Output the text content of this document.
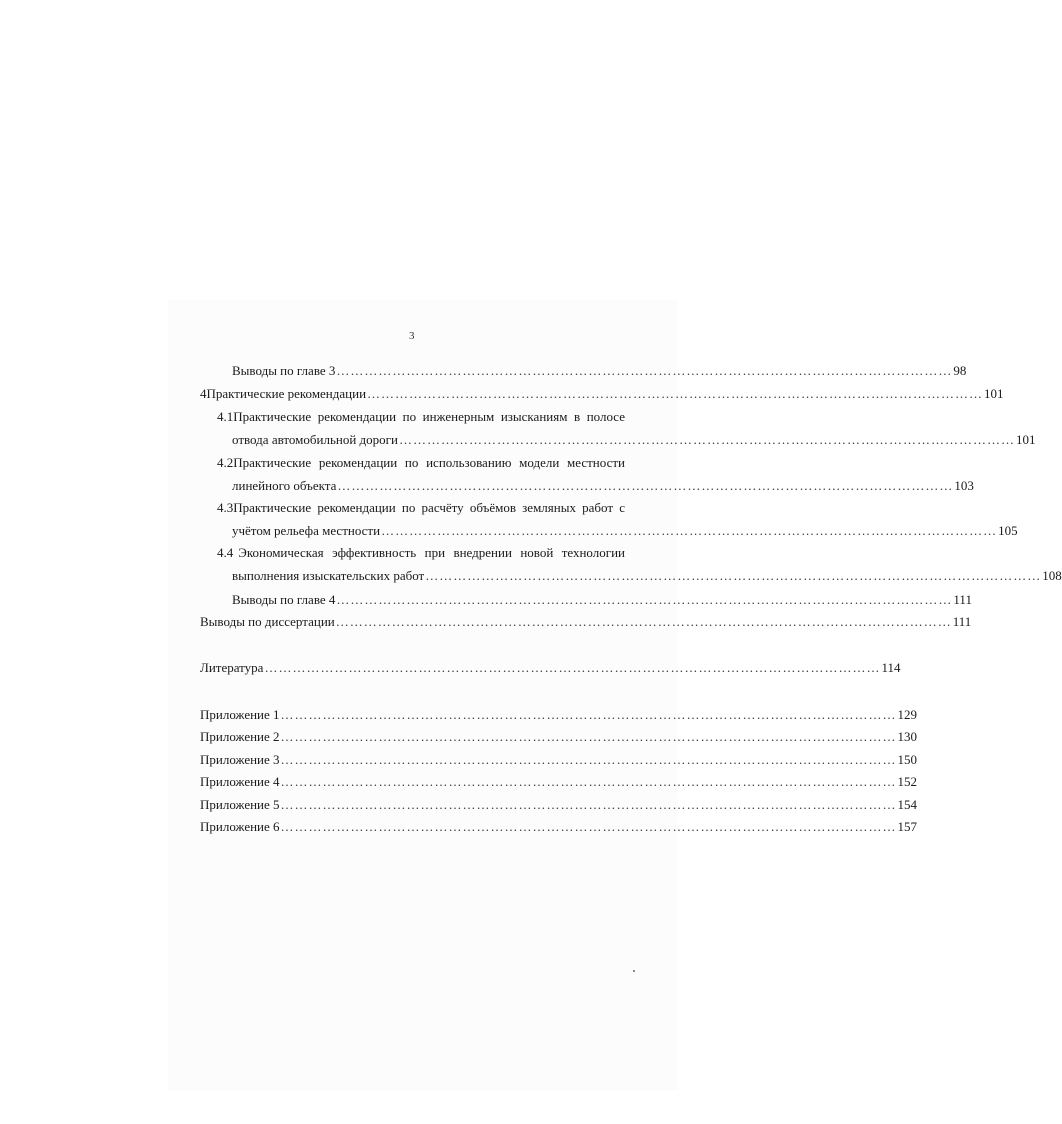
3
Выводы по главе 3 …………………………………………………………………………………………………………………… 98
4 Практические рекомендации …………………………………………………………………………………………………………………… 101
4.1 Практические рекомендации по инженерным изысканиям в полосе
отвода автомобильной дороги …………………………………………………………………………………………………………………… 101
4.2 Практические рекомендации по использованию модели местности
линейного объекта …………………………………………………………………………………………………………………… 103
4.3 Практические рекомендации по расчёту объёмов земляных работ с
учётом рельефа местности …………………………………………………………………………………………………………………… 105
4.4 Экономическая эффективность при внедрении новой технологии
выполнения изыскательских работ …………………………………………………………………………………………………………………… 108
Выводы по главе 4 …………………………………………………………………………………………………………………… 111
Выводы по диссертации …………………………………………………………………………………………………………………… 111
Литература …………………………………………………………………………………………………………………… 114
Приложение 1 …………………………………………………………………………………………………………………… 129
Приложение 2 …………………………………………………………………………………………………………………… 130
Приложение 3 …………………………………………………………………………………………………………………… 150
Приложение 4 …………………………………………………………………………………………………………………… 152
Приложение 5 …………………………………………………………………………………………………………………… 154
Приложение 6 …………………………………………………………………………………………………………………… 157
